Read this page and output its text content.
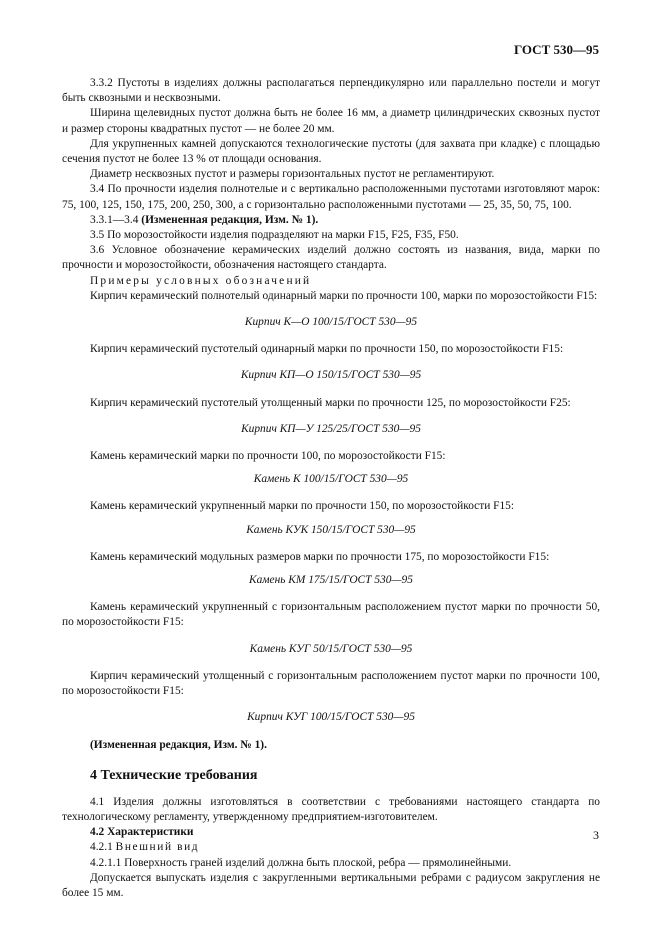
ГОСТ 530—95

3.3.2 Пустоты в изделиях должны располагаться перпендикулярно или параллельно постели и могут быть сквозными и несквозными.

Ширина щелевидных пустот должна быть не более 16 мм, а диаметр цилиндрических сквозных пустот и размер стороны квадратных пустот — не более 20 мм.

Для укрупненных камней допускаются технологические пустоты (для захвата при кладке) с площадью сечения пустот не более 13 % от площади основания.

Диаметр несквозных пустот и размеры горизонтальных пустот не регламентируют.

3.4 По прочности изделия полнотелые и с вертикально расположенными пустотами изготовляют марок: 75, 100, 125, 150, 175, 200, 250, 300, а с горизонтально расположенными пустотами — 25, 35, 50, 75, 100.

3.3.1—3.4 (Измененная редакция, Изм. № 1).

3.5 По морозостойкости изделия подразделяют на марки F15, F25, F35, F50.

3.6 Условное обозначение керамических изделий должно состоять из названия, вида, марки по прочности и морозостойкости, обозначения настоящего стандарта.

Примеры условных обозначений

Кирпич керамический полнотелый одинарный марки по прочности 100, марки по морозостойкости F15:

Кирпич К—О 100/15/ГОСТ 530—95

Кирпич керамический пустотелый одинарный марки по прочности 150, по морозостойкости F15:

Кирпич КП—О 150/15/ГОСТ 530—95

Кирпич керамический пустотелый утолщенный марки по прочности 125, по морозостойкости F25:

Кирпич КП—У 125/25/ГОСТ 530—95

Камень керамический марки по прочности 100, по морозостойкости F15:

Камень К 100/15/ГОСТ 530—95

Камень керамический укрупненный марки по прочности 150, по морозостойкости F15:

Камень КУК 150/15/ГОСТ 530—95

Камень керамический модульных размеров марки по прочности 175, по морозостойкости F15:

Камень КМ 175/15/ГОСТ 530—95

Камень керамический укрупненный с горизонтальным расположением пустот марки по прочности 50, по морозостойкости F15:

Камень КУГ 50/15/ГОСТ 530—95

Кирпич керамический утолщенный с горизонтальным расположением пустот марки по прочности 100, по морозостойкости F15:

Кирпич КУГ 100/15/ГОСТ 530—95

(Измененная редакция, Изм. № 1).

4 Технические требования

4.1 Изделия должны изготовляться в соответствии с требованиями настоящего стандарта по технологическому регламенту, утвержденному предприятием-изготовителем.

4.2 Характеристики

4.2.1 Внешний вид

4.2.1.1 Поверхность граней изделий должна быть плоской, ребра — прямолинейными.

Допускается выпускать изделия с закругленными вертикальными ребрами с радиусом закругления не более 15 мм.

3
